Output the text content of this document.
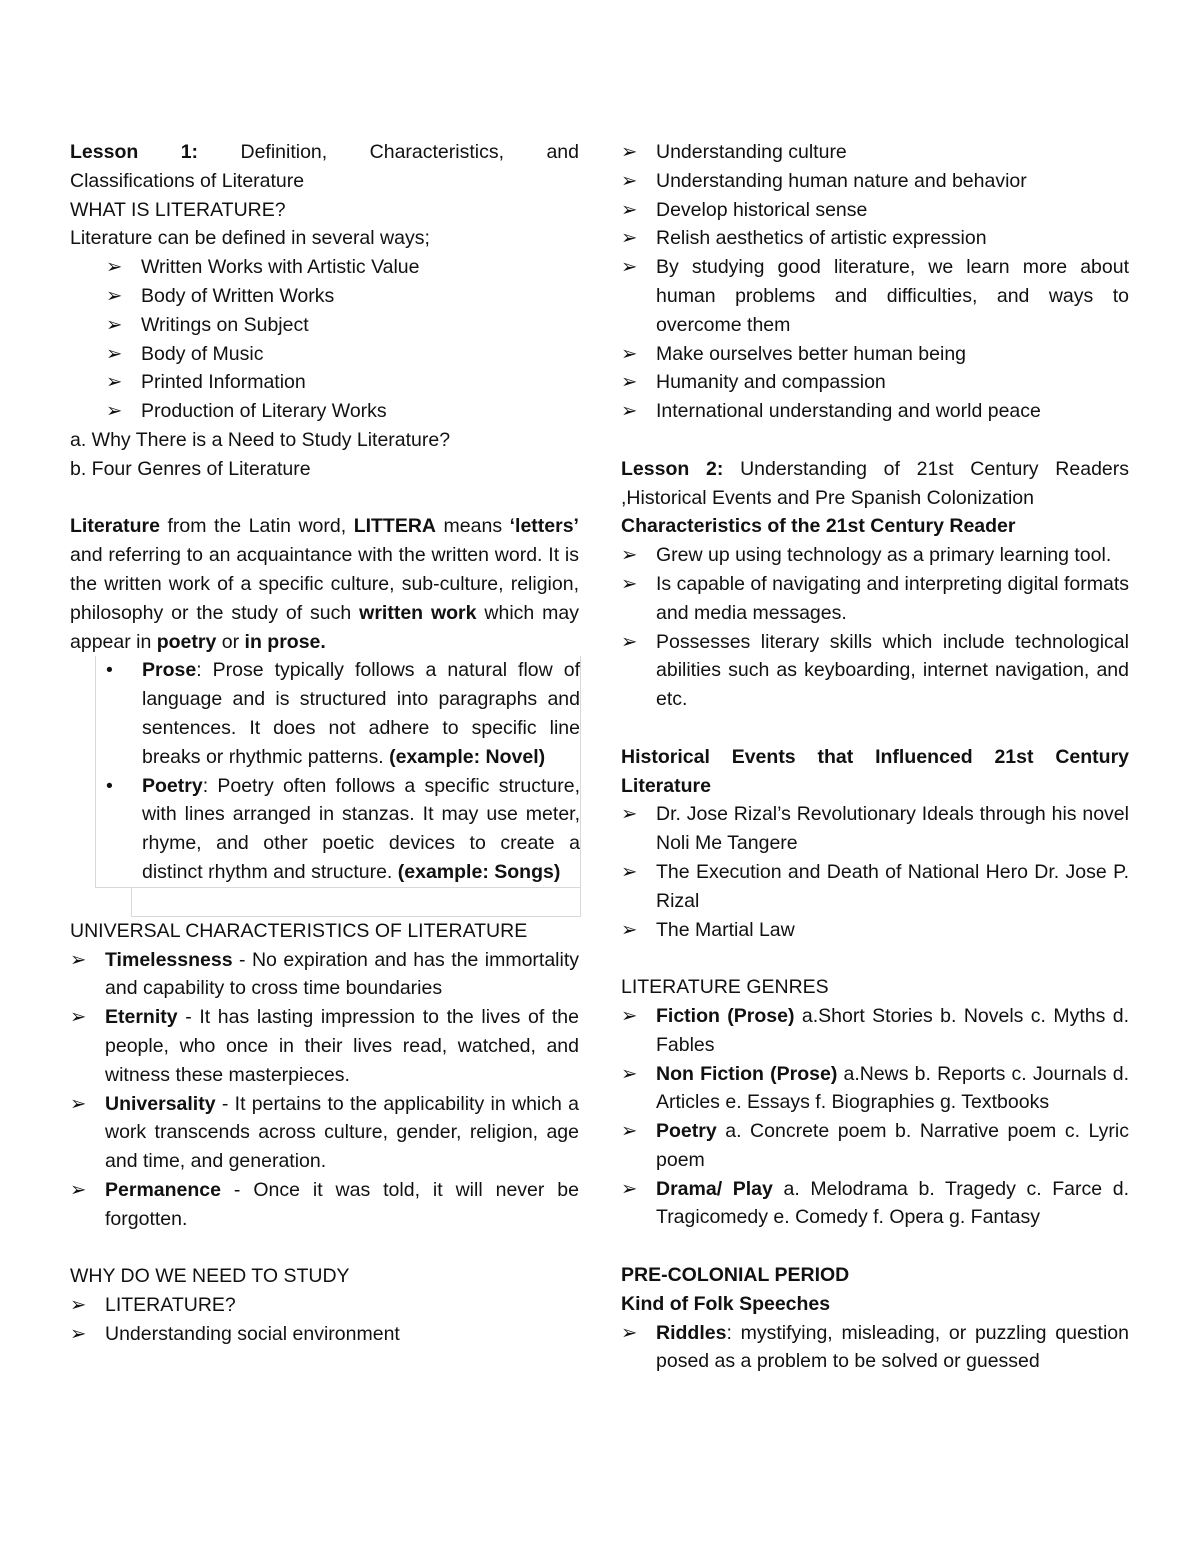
Lesson 1: Definition, Characteristics, and

Classifications of Literature

WHAT IS LITERATURE?

Literature can be defined in several ways;

➢ Written Works with Artistic Value
➢ Body of Written Works
➢ Writings on Subject
➢ Body of Music
➢ Printed Information
➢ Production of Literary Works

a. Why There is a Need to Study Literature?

b. Four Genres of Literature

Literature from the Latin word, LITTERA means ‘letters’ and referring to an acquaintance with the written word. It is the written work of a specific culture, sub-culture, religion, philosophy or the study of such written work which may appear in poetry or in prose.

• Prose: Prose typically follows a natural flow of language and is structured into paragraphs and sentences. It does not adhere to specific line breaks or rhythmic patterns. (example: Novel)
• Poetry: Poetry often follows a specific structure, with lines arranged in stanzas. It may use meter, rhyme, and other poetic devices to create a distinct rhythm and structure. (example: Songs)

UNIVERSAL CHARACTERISTICS OF LITERATURE

➢ Timelessness - No expiration and has the immortality and capability to cross time boundaries
➢ Eternity - It has lasting impression to the lives of the people, who once in their lives read, watched, and witness these masterpieces.
➢ Universality - It pertains to the applicability in which a work transcends across culture, gender, religion, age and time, and generation.
➢ Permanence - Once it was told, it will never be forgotten.

WHY DO WE NEED TO STUDY

➢ LITERATURE?
➢ Understanding social environment
➢ Understanding culture
➢ Understanding human nature and behavior
➢ Develop historical sense
➢ Relish aesthetics of artistic expression
➢ By studying good literature, we learn more about human problems and difficulties, and ways to overcome them
➢ Make ourselves better human being
➢ Humanity and compassion
➢ International understanding and world peace

Lesson 2: Understanding of 21st Century Readers ,Historical Events and Pre Spanish Colonization

Characteristics of the 21st Century Reader

➢ Grew up using technology as a primary learning tool.
➢ Is capable of navigating and interpreting digital formats and media messages.
➢ Possesses literary skills which include technological abilities such as keyboarding, internet navigation, and etc.

Historical Events that Influenced 21st Century Literature

➢ Dr. Jose Rizal’s Revolutionary Ideals through his novel Noli Me Tangere
➢ The Execution and Death of National Hero Dr. Jose P. Rizal
➢ The Martial Law

LITERATURE GENRES

➢ Fiction (Prose) a.Short Stories b. Novels c. Myths d. Fables
➢ Non Fiction (Prose) a.News b. Reports c. Journals d. Articles e. Essays f. Biographies g. Textbooks
➢ Poetry a. Concrete poem b. Narrative poem c. Lyric poem
➢ Drama/ Play a. Melodrama b. Tragedy c. Farce d. Tragicomedy e. Comedy f. Opera g. Fantasy

PRE-COLONIAL PERIOD

Kind of Folk Speeches

➢ Riddles: mystifying, misleading, or puzzling question posed as a problem to be solved or guessed
